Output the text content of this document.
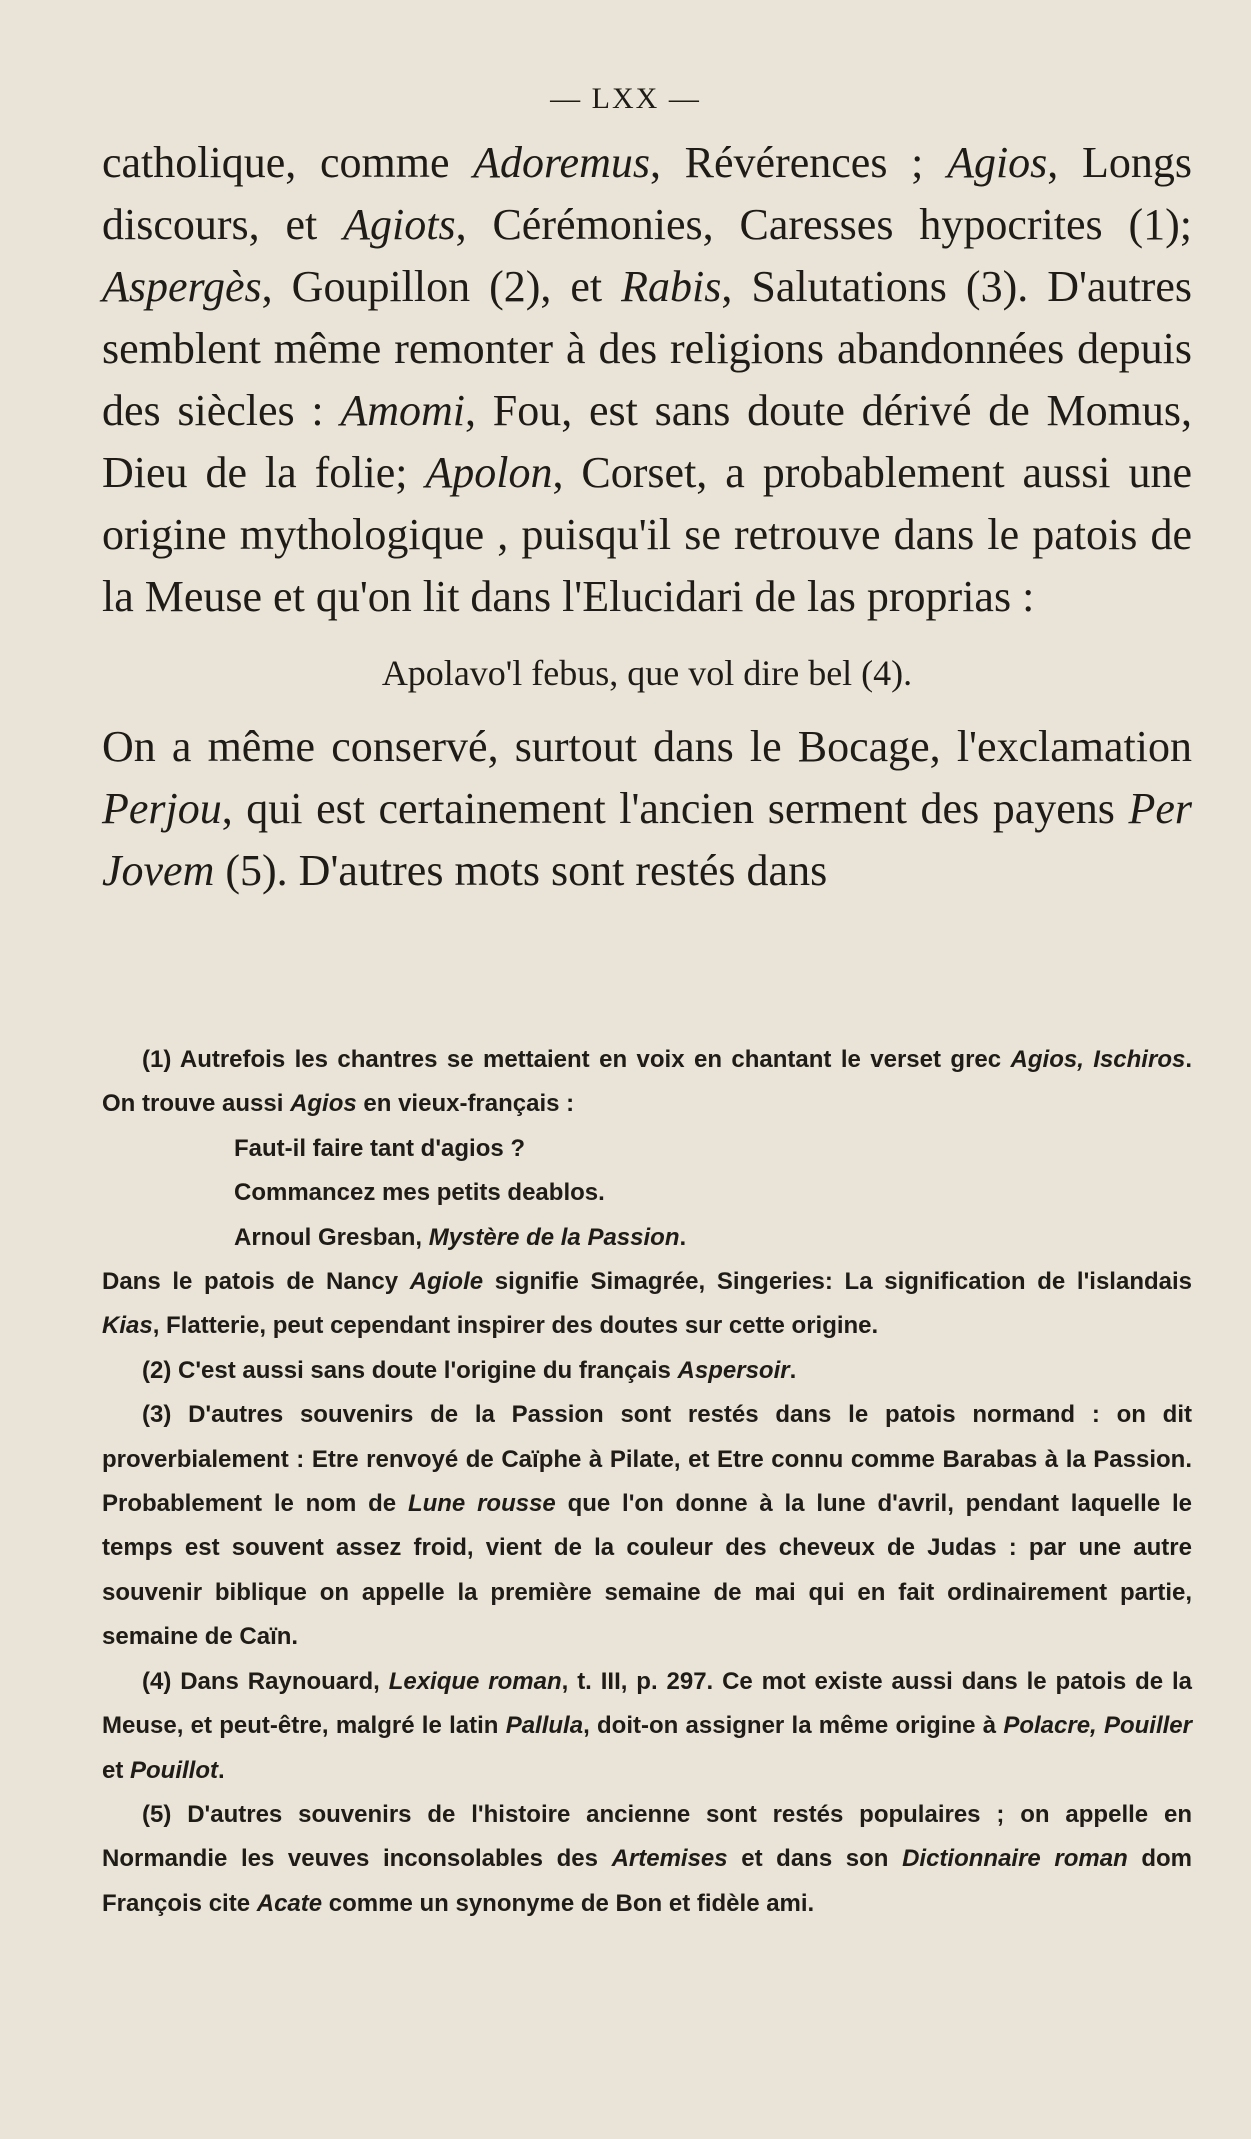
— LXX —

catholique, comme Adoremus, Révérences ; Agios, Longs discours, et Agiots, Cérémonies, Caresses hypocrites (1); Aspergès, Goupillon (2), et Rabis, Salutations (3). D'autres semblent même remonter à des religions abandonnées depuis des siècles : Amomi, Fou, est sans doute dérivé de Momus, Dieu de la folie; Apolon, Corset, a probablement aussi une origine mythologique , puisqu'il se retrouve dans le patois de la Meuse et qu'on lit dans l'Elucidari de las proprias :

Apolavo'l febus, que vol dire bel (4).

On a même conservé, surtout dans le Bocage, l'exclamation Perjou, qui est certainement l'ancien serment des payens Per Jovem (5). D'autres mots sont restés dans

(1) Autrefois les chantres se mettaient en voix en chantant le verset grec Agios, Ischiros. On trouve aussi Agios en vieux-français :

Faut-il faire tant d'agios ?

Commancez mes petits deablos.

Arnoul Gresban, Mystère de la Passion.

Dans le patois de Nancy Agiole signifie Simagrée, Singeries: La signification de l'islandais Kias, Flatterie, peut cependant inspirer des doutes sur cette origine.

(2) C'est aussi sans doute l'origine du français Aspersoir.

(3) D'autres souvenirs de la Passion sont restés dans le patois normand : on dit proverbialement : Etre renvoyé de Caïphe à Pilate, et Etre connu comme Barabas à la Passion. Probablement le nom de Lune rousse que l'on donne à la lune d'avril, pendant laquelle le temps est souvent assez froid, vient de la couleur des cheveux de Judas : par une autre souvenir biblique on appelle la première semaine de mai qui en fait ordinairement partie, semaine de Caïn.

(4) Dans Raynouard, Lexique roman, t. III, p. 297. Ce mot existe aussi dans le patois de la Meuse, et peut-être, malgré le latin Pallula, doit-on assigner la même origine à Polacre, Pouiller et Pouillot.

(5) D'autres souvenirs de l'histoire ancienne sont restés populaires ; on appelle en Normandie les veuves inconsolables des Artemises et dans son Dictionnaire roman dom François cite Acate comme un synonyme de Bon et fidèle ami.
